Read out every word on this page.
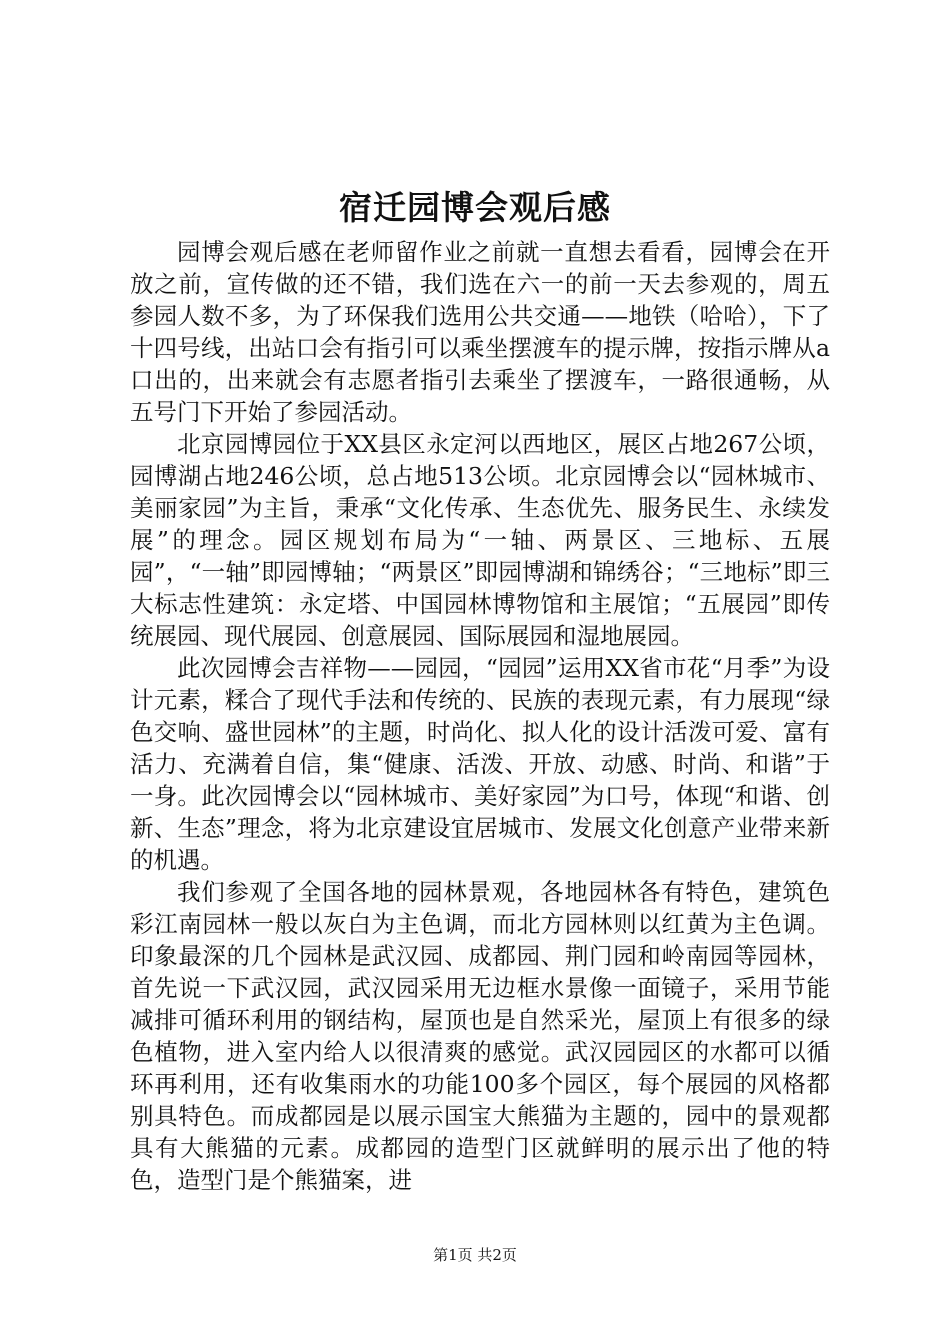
宿迁园博会观后感

园博会观后感在老师留作业之前就一直想去看看，园博会在开放之前，宣传做的还不错，我们选在六一的前一天去参观的，周五参园人数不多，为了环保我们选用公共交通——地铁（哈哈），下了十四号线，出站口会有指引可以乘坐摆渡车的提示牌，按指示牌从a口出的，出来就会有志愿者指引去乘坐了摆渡车，一路很通畅，从五号门下开始了参园活动。

北京园博园位于XX县区永定河以西地区，展区占地267公顷，园博湖占地246公顷，总占地513公顷。北京园博会以“园林城市、美丽家园”为主旨，秉承“文化传承、生态优先、服务民生、永续发展”的理念。园区规划布局为“一轴、两景区、三地标、五展园”，“一轴”即园博轴；“两景区”即园博湖和锦绣谷；“三地标”即三大标志性建筑：永定塔、中国园林博物馆和主展馆；“五展园”即传统展园、现代展园、创意展园、国际展园和湿地展园。

此次园博会吉祥物——园园，“园园”运用XX省市花“月季”为设计元素，糅合了现代手法和传统的、民族的表现元素，有力展现“绿色交响、盛世园林”的主题，时尚化、拟人化的设计活泼可爱、富有活力、充满着自信，集“健康、活泼、开放、动感、时尚、和谐”于一身。此次园博会以“园林城市、美好家园”为口号，体现“和谐、创新、生态”理念，将为北京建设宜居城市、发展文化创意产业带来新的机遇。

我们参观了全国各地的园林景观，各地园林各有特色，建筑色彩江南园林一般以灰白为主色调，而北方园林则以红黄为主色调。印象最深的几个园林是武汉园、成都园、荆门园和岭南园等园林，首先说一下武汉园，武汉园采用无边框水景像一面镜子，采用节能减排可循环利用的钢结构，屋顶也是自然采光，屋顶上有很多的绿色植物，进入室内给人以很清爽的感觉。武汉园园区的水都可以循环再利用，还有收集雨水的功能100多个园区，每个展园的风格都别具特色。而成都园是以展示国宝大熊猫为主题的，园中的景观都具有大熊猫的元素。成都园的造型门区就鲜明的展示出了他的特色，造型门是个熊猫案，进

第1页 共2页
